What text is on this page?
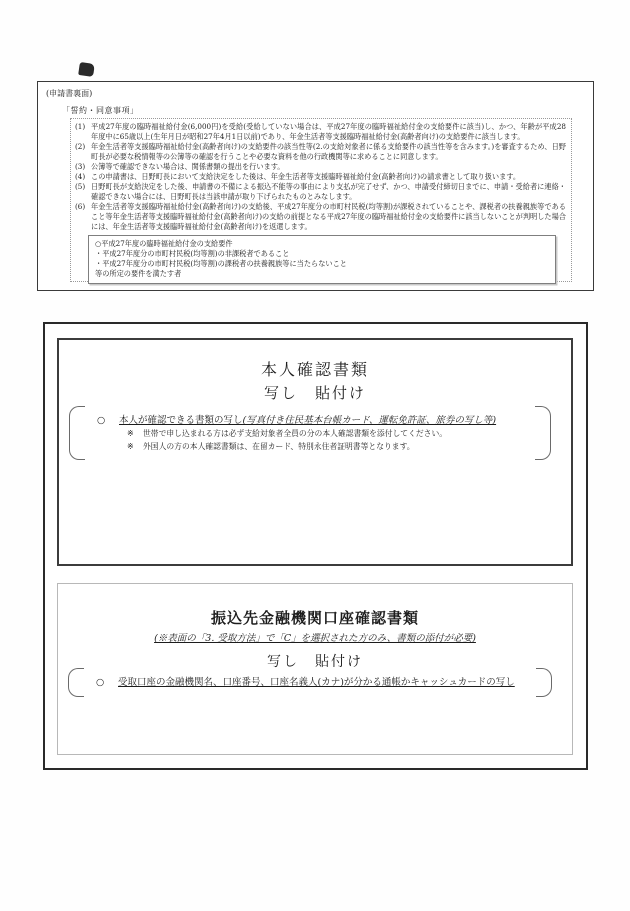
(申請書裏面)
「誓約・同意事項」
(1) 平成27年度の臨時福祉給付金(6,000円)を受給(受給していない場合は、平成27年度の臨時福祉給付金の支給要件に該当)し、かつ、年齢が平成28年度中に65歳以上(生年月日が昭和27年4月1日以前)であり、年金生活者等支援臨時福祉給付金(高齢者向け)の支給要件に該当します。
(2) 年金生活者等支援臨時福祉給付金(高齢者向け)の支給要件の該当性等(2.の支給対象者に係る支給要件の該当性等を含みます。)を審査するため、日野町長が必要な税情報等の公簿等の確認を行うことや必要な資料を他の行政機関等に求めることに同意します。
(3) 公簿等で確認できない場合は、関係書類の提出を行います。
(4) この申請書は、日野町長において支給決定をした後は、年金生活者等支援臨時福祉給付金(高齢者向け)の請求書として取り扱います。
(5) 日野町長が支給決定をした後、申請書の不備による振込不能等の事由により支払が完了せず、かつ、申請受付締切日までに、申請・受給者に連絡・確認できない場合には、日野町長は当該申請が取り下げられたものとみなします。
(6) 年金生活者等支援臨時福祉給付金(高齢者向け)の支給後、平成27年度分の市町村民税(均等割)が課税されていることや、課税者の扶養親族等であること等年金生活者等支援臨時福祉給付金(高齢者向け)の支給の前提となる平成27年度の臨時福祉給付金の支給要件に該当しないことが判明した場合には、年金生活者等支援臨時福祉給付金(高齢者向け)を返還します。
○平成27年度の臨時福祉給付金の支給要件
・平成27年度分の市町村民税(均等割)の非課税者であること
・平成27年度分の市町村民税(均等割)の課税者の扶養親族等に当たらないこと
等の所定の要件を満たす者
本人確認書類
写し　貼付け
○	本人が確認できる書類の写し(写真付き住民基本台帳カード、運転免許証、旅券の写し等)
※	世帯で申し込まれる方は必ず支給対象者全員の分の本人確認書類を添付してください。
※	外国人の方の本人確認書類は、在留カード、特別永住者証明書等となります。
振込先金融機関口座確認書類
(※表面の「3. 受取方法」で「C」を選択された方のみ、書類の添付が必要)
写し　貼付け
○	受取口座の金融機関名、口座番号、口座名義人(カナ)が分かる通帳かキャッシュカードの写し
